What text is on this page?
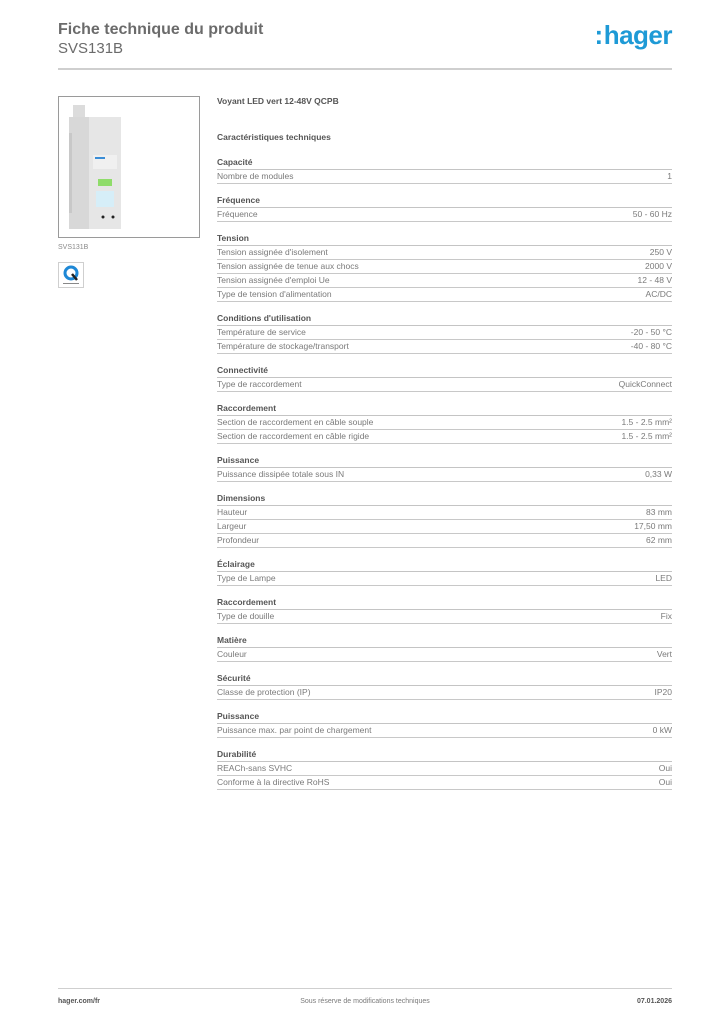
Fiche technique du produit
SVS131B	:hager
SVS131B
Voyant LED vert 12-48V QCPB
Caractéristiques techniques
Capacité
Nombre de modules	1
Fréquence
Fréquence	50 - 60 Hz
Tension
Tension assignée d'isolement	250 V
Tension assignée de tenue aux chocs	2000 V
Tension assignée d'emploi Ue	12 - 48 V
Type de tension d'alimentation	AC/DC
Conditions d'utilisation
Température de service	-20 - 50 °C
Température de stockage/transport	-40 - 80 °C
Connectivité
Type de raccordement	QuickConnect
Raccordement
Section de raccordement en câble souple	1.5 - 2.5 mm²
Section de raccordement en câble rigide	1.5 - 2.5 mm²
Puissance
Puissance dissipée totale sous IN	0,33 W
Dimensions
Hauteur	83 mm
Largeur	17,50 mm
Profondeur	62 mm
Éclairage
Type de Lampe	LED
Raccordement
Type de douille	Fix
Matière
Couleur	Vert
Sécurité
Classe de protection (IP)	IP20
Puissance
Puissance max. par point de chargement	0 kW
Durabilité
REACh-sans SVHC	Oui
Conforme à la directive RoHS	Oui
hager.com/fr	Sous réserve de modifications techniques	07.01.2026
